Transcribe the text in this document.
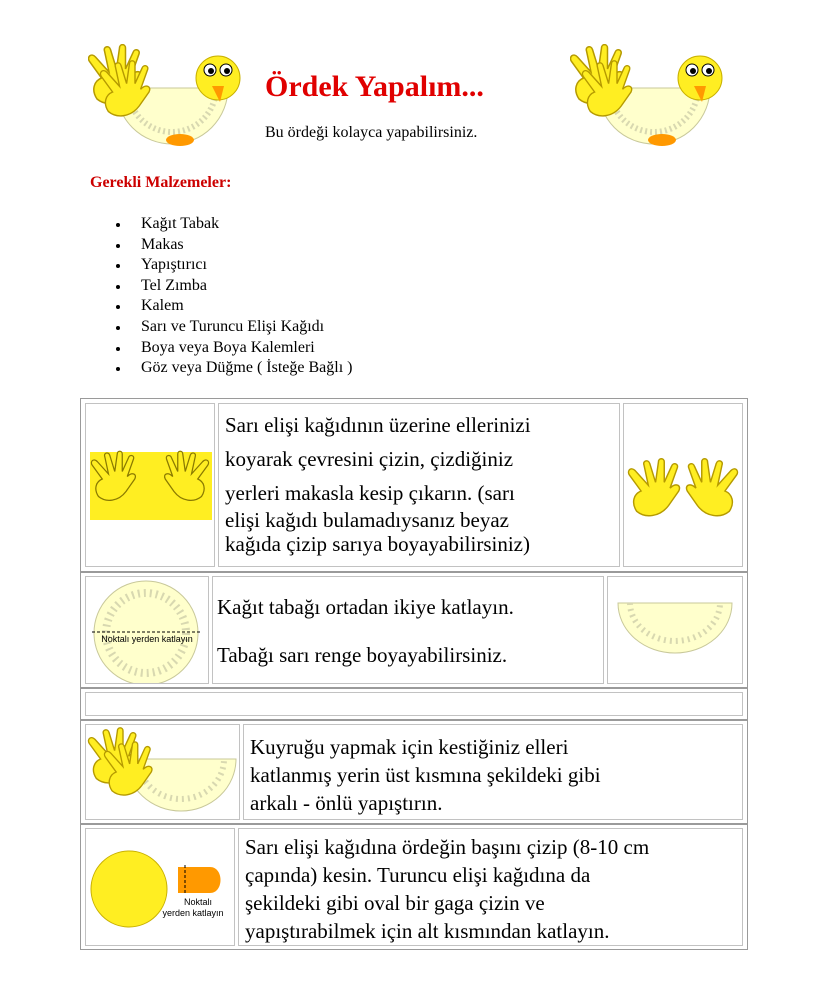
Ördek Yapalım...
Bu ördeği kolayca yapabilirsiniz.
Gerekli Malzemeler:
Kağıt Tabak
Makas
Yapıştırıcı
Tel Zımba
Kalem
Sarı ve Turuncu Elişi Kağıdı
Boya veya Boya Kalemleri
Göz veya Düğme ( İsteğe Bağlı )

Sarı elişi kağıdının üzerine ellerinizi

koyarak çevresini çizin, çizdiğiniz

yerleri makasla kesip çıkarın. (sarı

elişi kağıdı bulamadıysanız beyaz

kağıda çizip sarıya boyayabilirsiniz)

Noktalı yerden katlayın
Kağıt tabağı ortadan ikiye katlayın.
Tabağı sarı renge boyayabilirsiniz.

Kuyruğu yapmak için kestiğiniz elleri

katlanmış yerin üst kısmına şekildeki gibi

arkalı - önlü yapıştırın.

Noktalı
yerden katlayın

Sarı elişi kağıdına ördeğin başını çizip (8-10 cm

çapında) kesin. Turuncu elişi kağıdına da

şekildeki gibi oval bir gaga çizin ve

yapıştırabilmek için alt kısmından katlayın.
